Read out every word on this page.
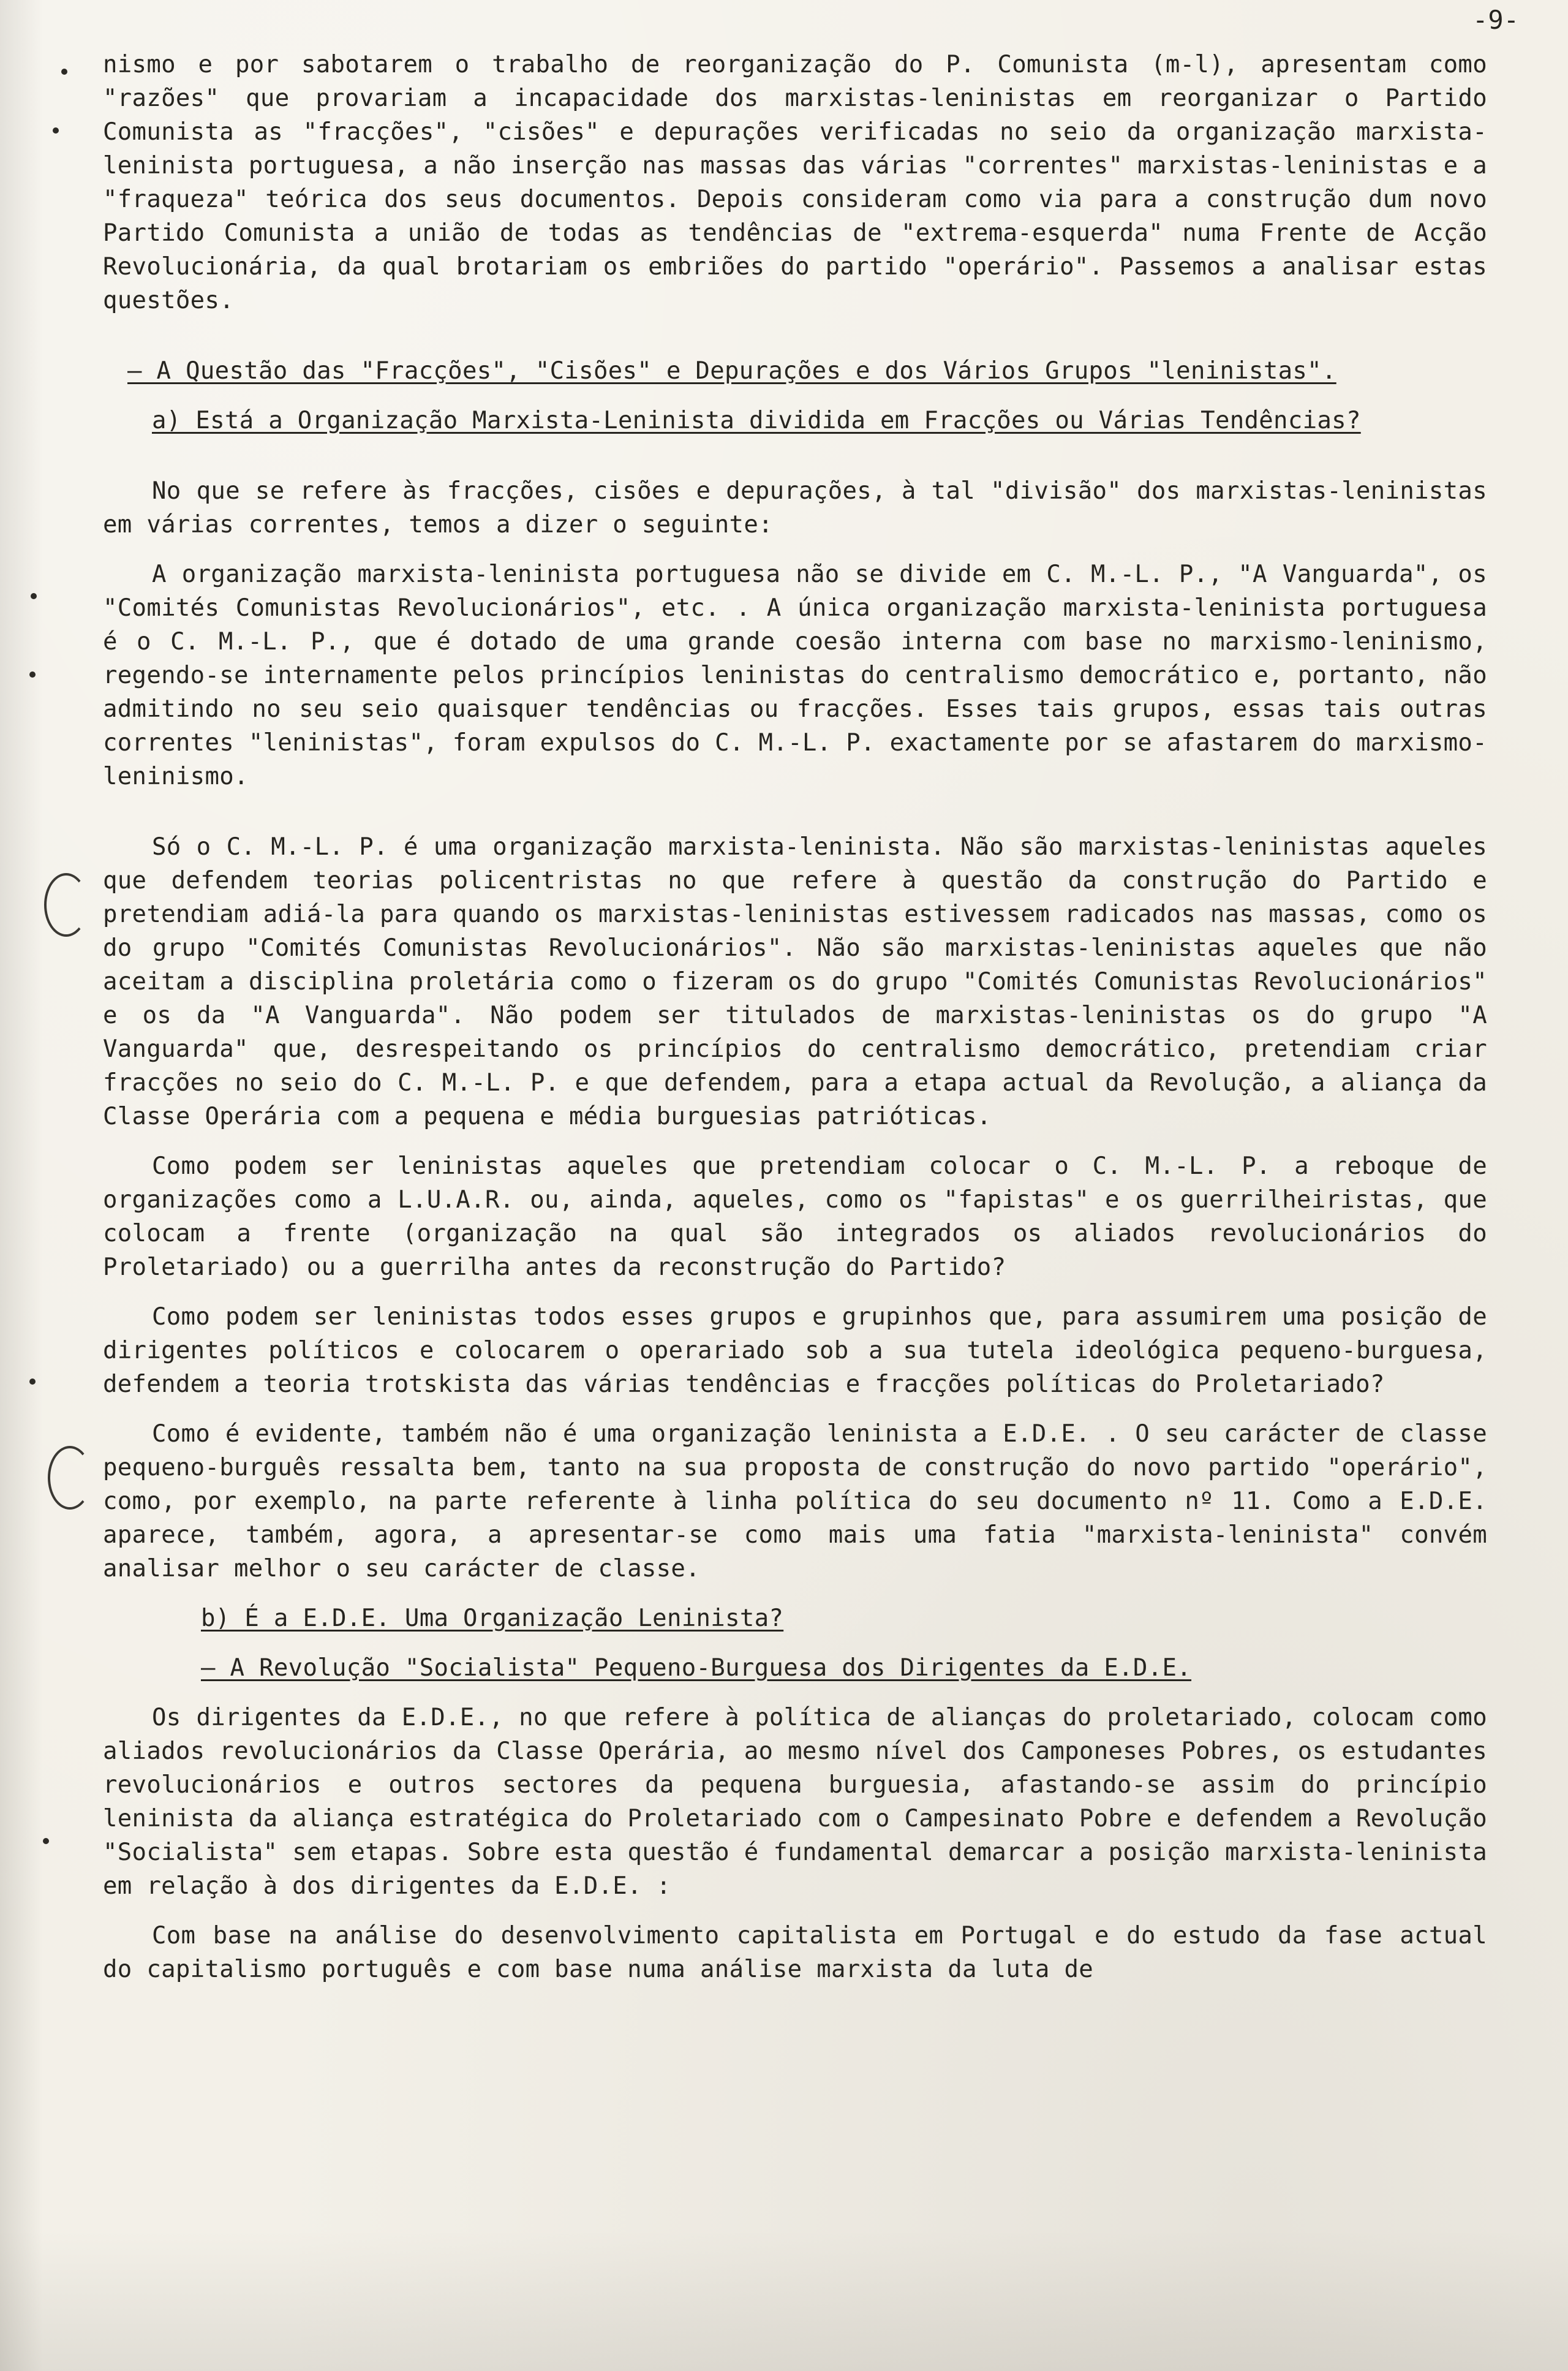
-9-

nismo e por sabotarem o trabalho de reorganização do P. Comunista (m-l), apresentam como "razões" que provariam a incapacidade dos marxistas-leninistas em reorganizar o Partido Comunista as "fracções", "cisões" e depurações verificadas no seio da organização marxista-leninista portuguesa, a não inserção nas massas das várias "correntes" marxistas-leninistas e a "fraqueza" teórica dos seus documentos. Depois consideram como via para a construção dum novo Partido Comunista a união de todas as tendências de "extrema-esquerda" numa Frente de Acção Revolucionária, da qual brotariam os embriões do partido "operário". Passemos a analisar estas questões.

– A Questão das "Fracções", "Cisões" e Depurações e dos Vários Grupos "leninistas".

a) Está a Organização Marxista-Leninista dividida em Fracções ou Várias Tendências?

No que se refere às fracções, cisões e depurações, à tal "divisão" dos marxistas-leninistas em várias correntes, temos a dizer o seguinte:

A organização marxista-leninista portuguesa não se divide em C. M.-L. P., "A Vanguarda", os "Comités Comunistas Revolucionários", etc. . A única organização marxista-leninista portuguesa é o C. M.-L. P., que é dotado de uma grande coesão interna com base no marxismo-leninismo, regendo-se internamente pelos princípios leninistas do centralismo democrático e, portanto, não admitindo no seu seio quaisquer tendências ou fracções. Esses tais grupos, essas tais outras correntes "leninistas", foram expulsos do C. M.-L. P. exactamente por se afastarem do marxismo-leninismo.

Só o C. M.-L. P. é uma organização marxista-leninista. Não são marxistas-leninistas aqueles que defendem teorias policentristas no que refere à questão da construção do Partido e pretendiam adiá-la para quando os marxistas-leninistas estivessem radicados nas massas, como os do grupo "Comités Comunistas Revolucionários". Não são marxistas-leninistas aqueles que não aceitam a disciplina proletária como o fizeram os do grupo "Comités Comunistas Revolucionários" e os da "A Vanguarda". Não podem ser titulados de marxistas-leninistas os do grupo "A Vanguarda" que, desrespeitando os princípios do centralismo democrático, pretendiam criar fracções no seio do C. M.-L. P. e que defendem, para a etapa actual da Revolução, a aliança da Classe Operária com a pequena e média burguesias patrióticas.

Como podem ser leninistas aqueles que pretendiam colocar o C. M.-L. P. a reboque de organizações como a L.U.A.R. ou, ainda, aqueles, como os "fapistas" e os guerrilheiristas, que colocam a frente (organização na qual são integrados os aliados revolucionários do Proletariado) ou a guerrilha antes da reconstrução do Partido?

Como podem ser leninistas todos esses grupos e grupinhos que, para assumirem uma posição de dirigentes políticos e colocarem o operariado sob a sua tutela ideológica pequeno-burguesa, defendem a teoria trotskista das várias tendências e fracções políticas do Proletariado?

Como é evidente, também não é uma organização leninista a E.D.E. . O seu carácter de classe pequeno-burguês ressalta bem, tanto na sua proposta de construção do novo partido "operário", como, por exemplo, na parte referente à linha política do seu documento nº 11. Como a E.D.E. aparece, também, agora, a apresentar-se como mais uma fatia "marxista-leninista" convém analisar melhor o seu carácter de classe.

b) É a E.D.E. Uma Organização Leninista?

– A Revolução "Socialista" Pequeno-Burguesa dos Dirigentes da E.D.E.

Os dirigentes da E.D.E., no que refere à política de alianças do proletariado, colocam como aliados revolucionários da Classe Operária, ao mesmo nível dos Camponeses Pobres, os estudantes revolucionários e outros sectores da pequena burguesia, afastando-se assim do princípio leninista da aliança estratégica do Proletariado com o Campesinato Pobre e defendem a Revolução "Socialista" sem etapas. Sobre esta questão é fundamental demarcar a posição marxista-leninista em relação à dos dirigentes da E.D.E. :

Com base na análise do desenvolvimento capitalista em Portugal e do estudo da fase actual do capitalismo português e com base numa análise marxista da luta de
